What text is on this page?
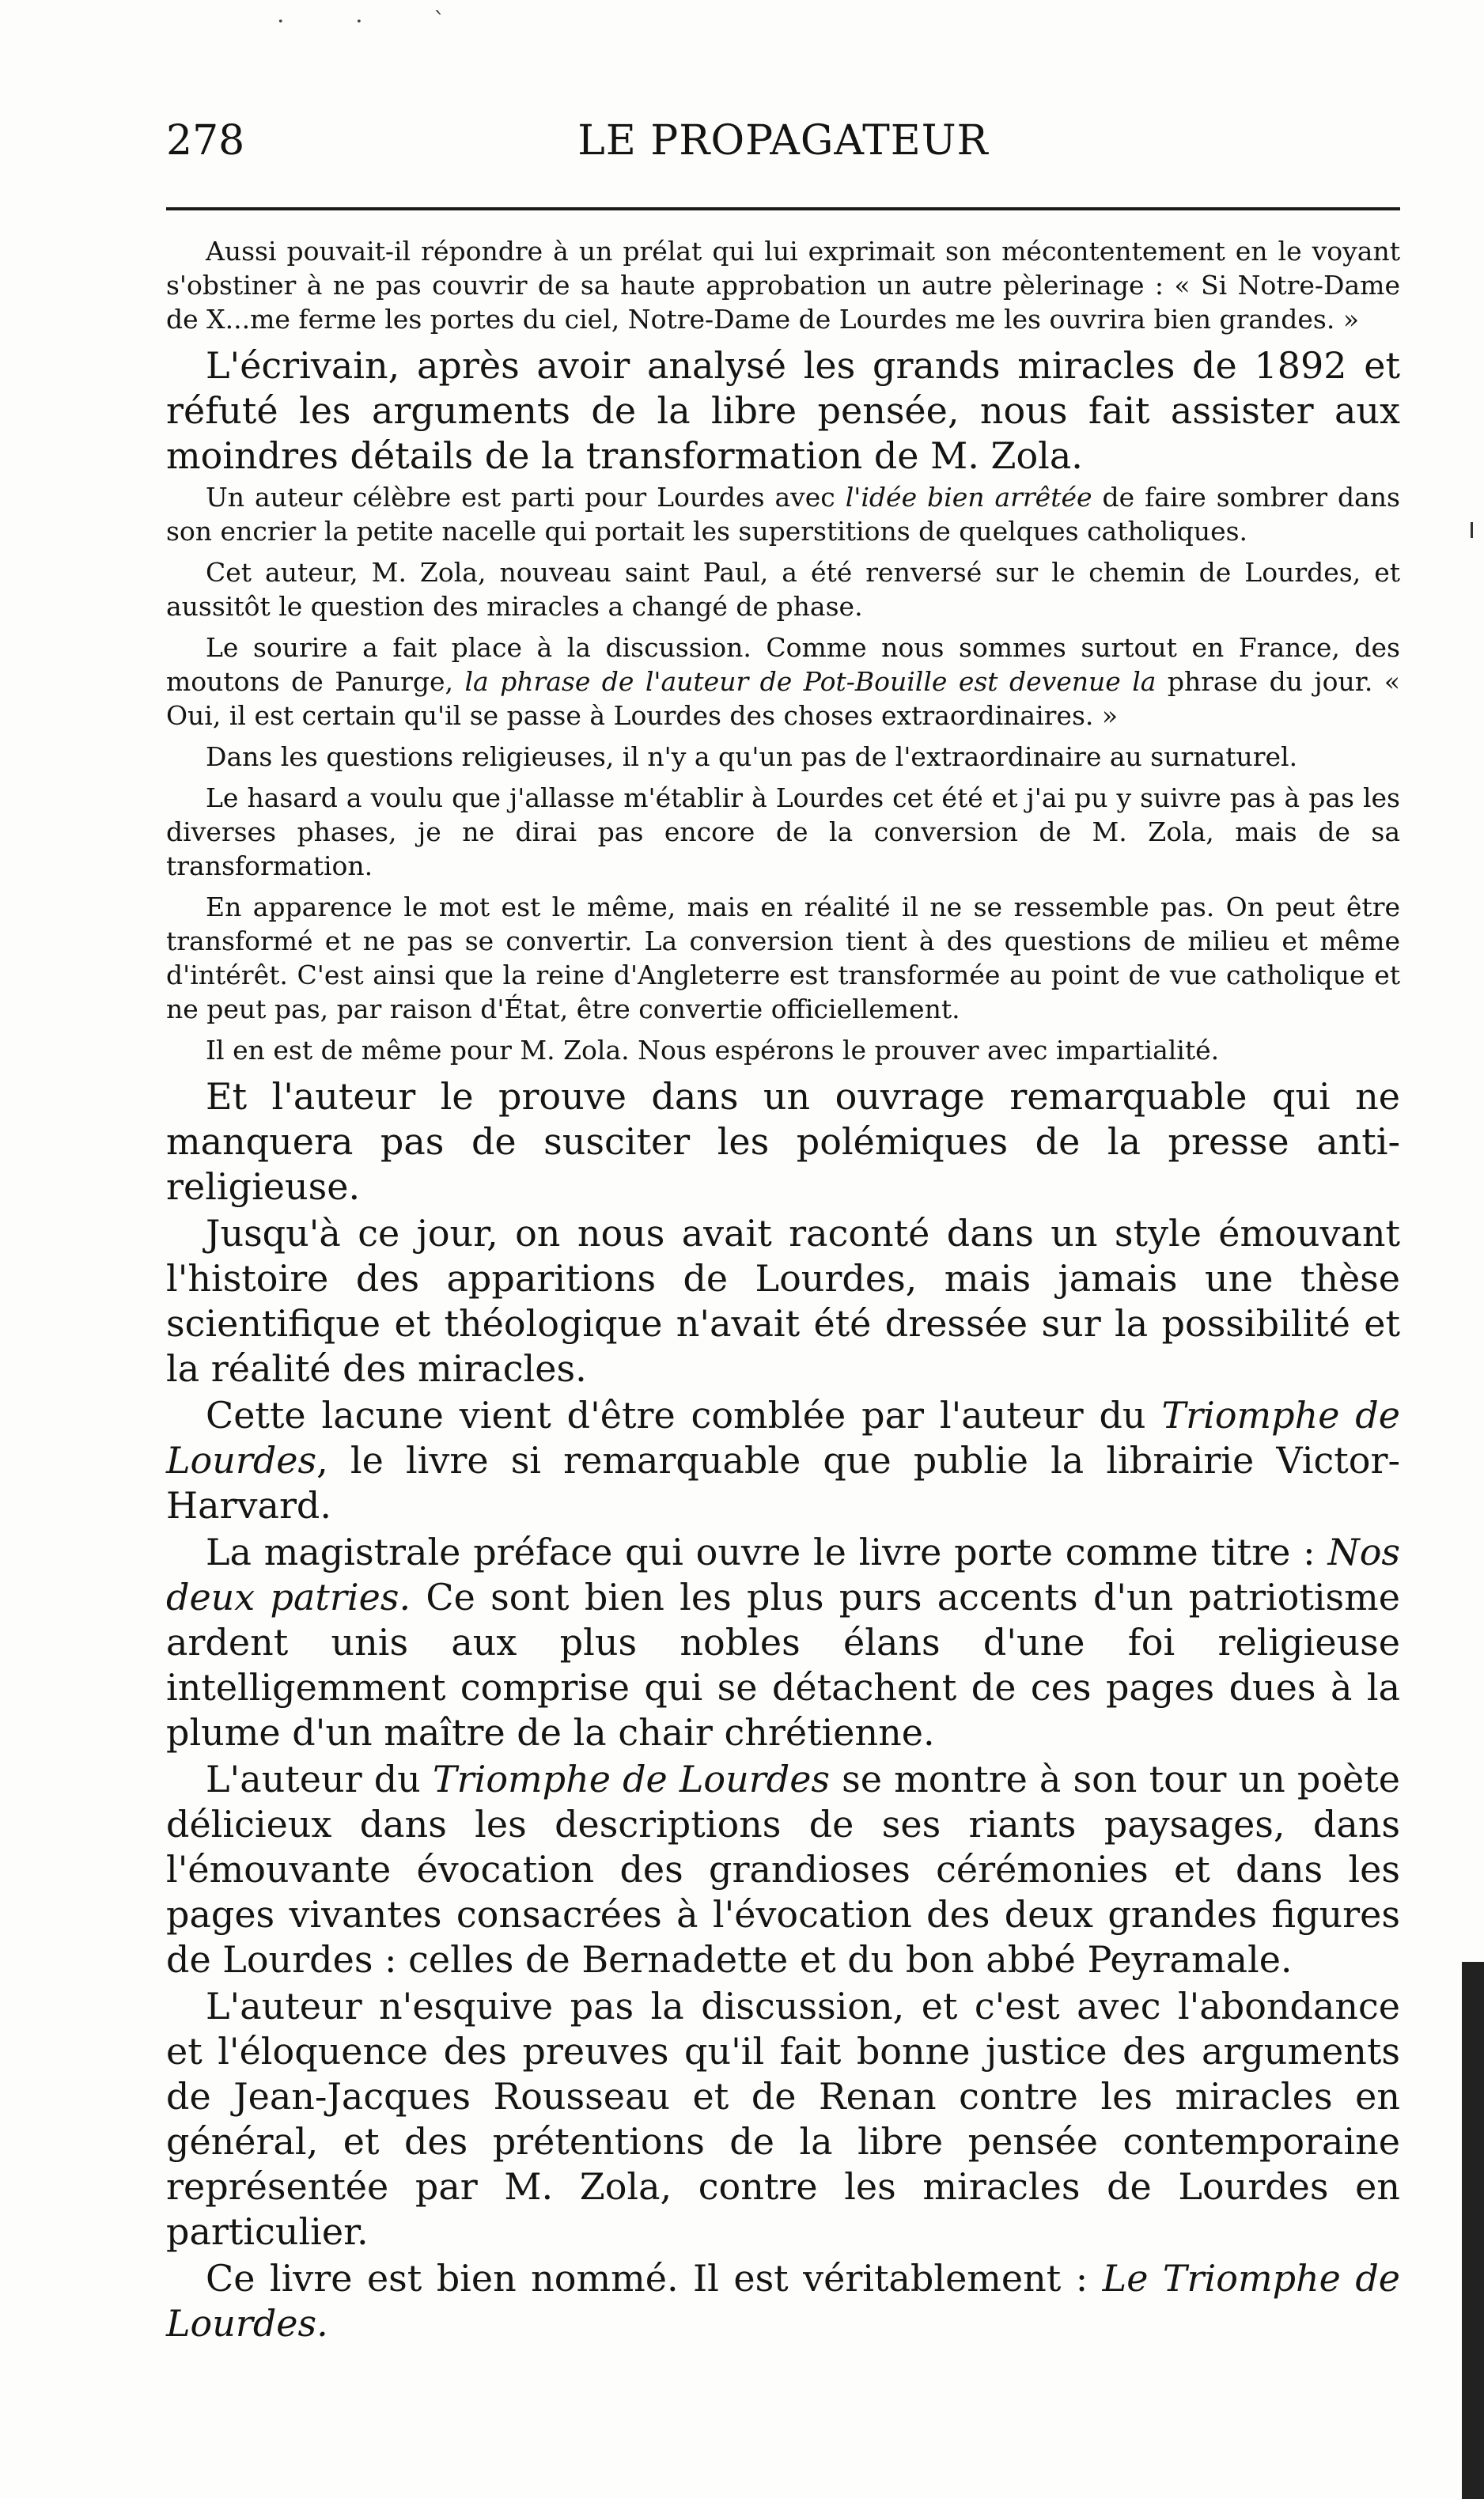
· · ˋ
278	LE PROPAGATEUR

Aussi pouvait-il répondre à un prélat qui lui exprimait son mécontentement en le voyant s'obstiner à ne pas couvrir de sa haute approbation un autre pèlerinage : « Si Notre-Dame de X...me ferme les portes du ciel, Notre-Dame de Lourdes me les ouvrira bien grandes. »

L'écrivain, après avoir analysé les grands miracles de 1892 et réfuté les arguments de la libre pensée, nous fait assister aux moindres détails de la transformation de M. Zola.

Un auteur célèbre est parti pour Lourdes avec l'idée bien arrêtée de faire sombrer dans son encrier la petite nacelle qui portait les superstitions de quelques catholiques.

Cet auteur, M. Zola, nouveau saint Paul, a été renversé sur le chemin de Lourdes, et aussitôt le question des miracles a changé de phase.

Le sourire a fait place à la discussion. Comme nous sommes surtout en France, des moutons de Panurge, la phrase de l'auteur de Pot-Bouille est devenue la phrase du jour. « Oui, il est certain qu'il se passe à Lourdes des choses extraordinaires. »

Dans les questions religieuses, il n'y a qu'un pas de l'extraordinaire au surnaturel.

Le hasard a voulu que j'allasse m'établir à Lourdes cet été et j'ai pu y suivre pas à pas les diverses phases, je ne dirai pas encore de la conversion de M. Zola, mais de sa transformation.

En apparence le mot est le même, mais en réalité il ne se ressemble pas. On peut être transformé et ne pas se convertir. La conversion tient à des questions de milieu et même d'intérêt. C'est ainsi que la reine d'Angleterre est transformée au point de vue catholique et ne peut pas, par raison d'État, être convertie officiellement.

Il en est de même pour M. Zola. Nous espérons le prouver avec impartialité.

Et l'auteur le prouve dans un ouvrage remarquable qui ne manquera pas de susciter les polémiques de la presse anti-religieuse.

Jusqu'à ce jour, on nous avait raconté dans un style émouvant l'histoire des apparitions de Lourdes, mais jamais une thèse scientifique et théologique n'avait été dressée sur la possibilité et la réalité des miracles.

Cette lacune vient d'être comblée par l'auteur du Triomphe de Lourdes, le livre si remarquable que publie la librairie Victor-Harvard.

La magistrale préface qui ouvre le livre porte comme titre : Nos deux patries. Ce sont bien les plus purs accents d'un patriotisme ardent unis aux plus nobles élans d'une foi religieuse intelligemment comprise qui se détachent de ces pages dues à la plume d'un maître de la chair chrétienne.

L'auteur du Triomphe de Lourdes se montre à son tour un poète délicieux dans les descriptions de ses riants paysages, dans l'émouvante évocation des grandioses cérémonies et dans les pages vivantes consacrées à l'évocation des deux grandes figures de Lourdes : celles de Bernadette et du bon abbé Peyramale.

L'auteur n'esquive pas la discussion, et c'est avec l'abondance et l'éloquence des preuves qu'il fait bonne justice des arguments de Jean-Jacques Rousseau et de Renan contre les miracles en général, et des prétentions de la libre pensée contemporaine représentée par M. Zola, contre les miracles de Lourdes en particulier.

Ce livre est bien nommé. Il est véritablement : Le Triomphe de Lourdes.
